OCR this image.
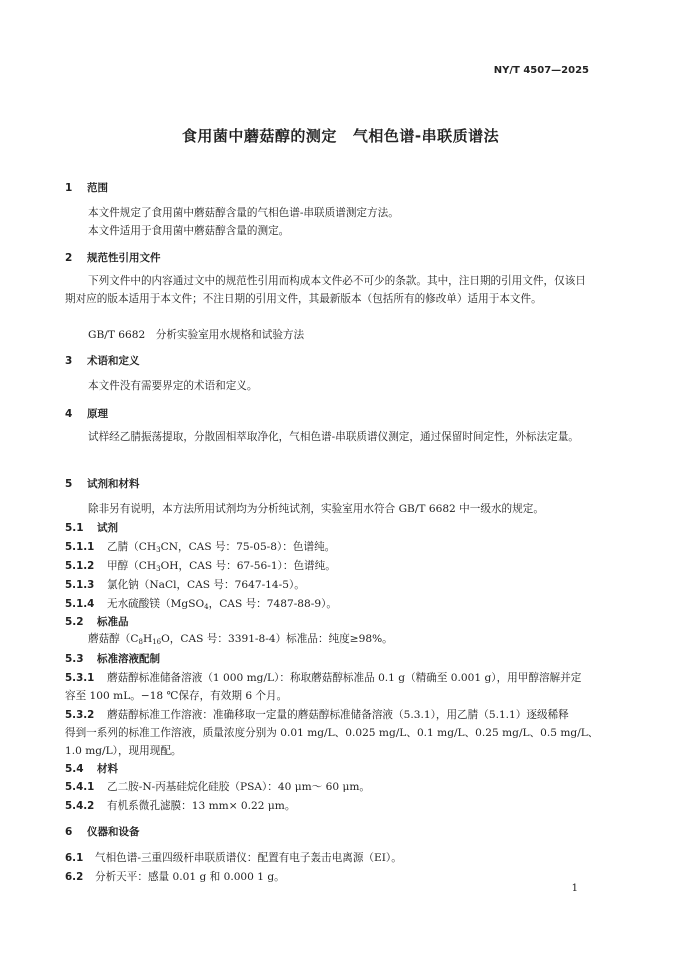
NY/T 4507—2025
食用菌中蘑菇醇的测定 气相色谱-串联质谱法
1 范围
本文件规定了食用菌中蘑菇醇含量的气相色谱-串联质谱测定方法。
本文件适用于食用菌中蘑菇醇含量的测定。
2 规范性引用文件
下列文件中的内容通过文中的规范性引用而构成本文件必不可少的条款。其中，注日期的引用文件，仅该日期对应的版本适用于本文件；不注日期的引用文件，其最新版本（包括所有的修改单）适用于本文件。
GB/T 6682　分析实验室用水规格和试验方法
3 术语和定义
本文件没有需要界定的术语和定义。
4 原理
试样经乙腈振荡提取，分散固相萃取净化，气相色谱-串联质谱仪测定，通过保留时间定性，外标法定量。
5 试剂和材料
除非另有说明，本方法所用试剂均为分析纯试剂，实验室用水符合 GB/T 6682 中一级水的规定。
5.1 试剂
5.1.1 乙腈（$CH_3CN$，CAS 号：75-05-8）：色谱纯。
5.1.2 甲醇（$CH_3OH$，CAS 号：67-56-1）：色谱纯。
5.1.3 氯化钠（NaCl，CAS 号：7647-14-5）。
5.1.4 无水硫酸镁（MgSO$_4$，CAS 号：7487-88-9）。
5.2 标准品
蘑菇醇（$C_8H_{16}O$，CAS 号：3391-8-4）标准品：纯度≥98%。
5.3 标准溶液配制
5.3.1 蘑菇醇标准储备溶液（1 000 mg/L）：称取蘑菇醇标准品 0.1 g（精确至 0.001 g），用甲醇溶解并定
容至 100 mL。−18 ℃保存，有效期 6 个月。
5.3.2 蘑菇醇标准工作溶液：准确移取一定量的蘑菇醇标准储备溶液（5.3.1），用乙腈（5.1.1）逐级稀释
得到一系列的标准工作溶液，质量浓度分别为 0.01 mg/L、0.025 mg/L、0.1 mg/L、0.25 mg/L、0.5 mg/L、
1.0 mg/L），现用现配。
5.4 材料
5.4.1 乙二胺-N-丙基硅烷化硅胶（PSA）：40 μm～ 60 μm。
5.4.2 有机系微孔滤膜：13 mm× 0.22 μm。
6 仪器和设备
6.1 气相色谱-三重四级杆串联质谱仪：配置有电子轰击电离源（EI）。
6.2 分析天平：感量 0.01 g 和 0.000 1 g。
1
